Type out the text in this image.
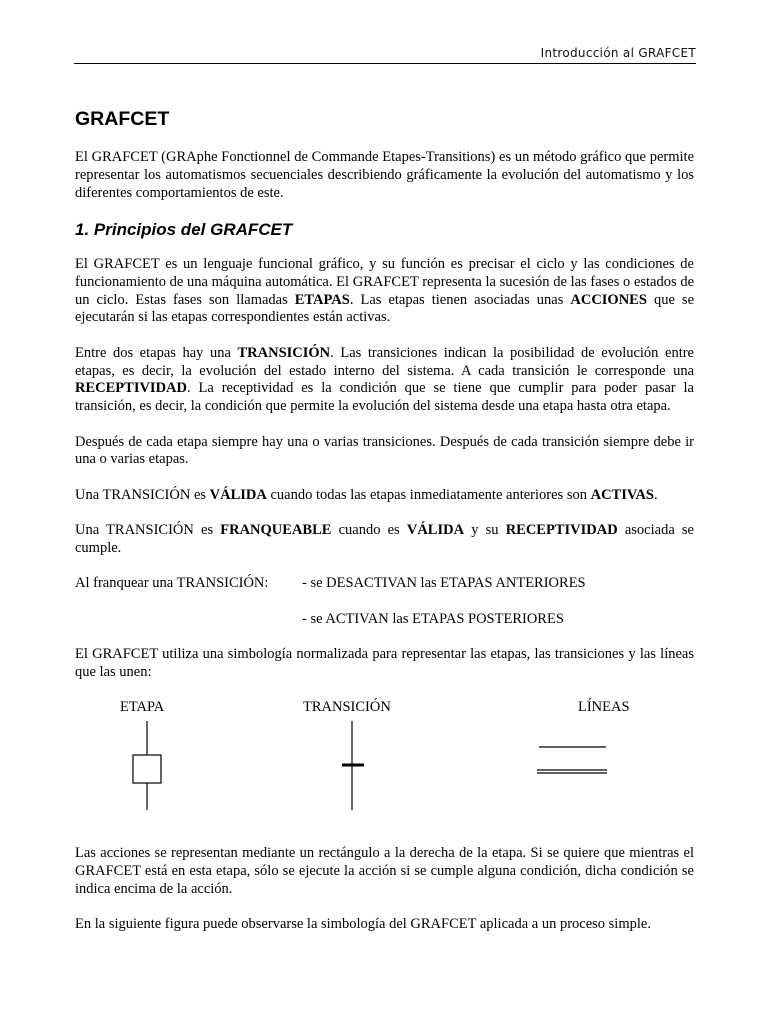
Introducción al GRAFCET
GRAFCET

El GRAFCET (GRAphe Fonctionnel de Commande Etapes-Transitions) es un método gráfico que permite representar los automatismos secuenciales describiendo gráficamente la evolución del automatismo y los diferentes comportamientos de este.

1. Principios del GRAFCET

El GRAFCET es un lenguaje funcional gráfico, y su función es precisar el ciclo y las condiciones de funcionamiento de una máquina automática. El GRAFCET representa la sucesión de las fases o estados de un ciclo. Estas fases son llamadas ETAPAS. Las etapas tienen asociadas unas ACCIONES que se ejecutarán si las etapas correspondientes están activas.

Entre dos etapas hay una TRANSICIÓN. Las transiciones indican la posibilidad de evolución entre etapas, es decir, la evolución del estado interno del sistema. A cada transición le corresponde una RECEPTIVIDAD. La receptividad es la condición que se tiene que cumplir para poder pasar la transición, es decir, la condición que permite la evolución del sistema desde una etapa hasta otra etapa.

Después de cada etapa siempre hay una o varias transiciones. Después de cada transición siempre debe ir una o varias etapas.

Una TRANSICIÓN es VÁLIDA cuando todas las etapas inmediatamente anteriores son ACTIVAS.

Una TRANSICIÓN es FRANQUEABLE cuando es VÁLIDA y su RECEPTIVIDAD asociada se cumple.

Al franquear una TRANSICIÓN:	- se DESACTIVAN las ETAPAS ANTERIORES
- se ACTIVAN las ETAPAS POSTERIORES

El GRAFCET utiliza una simbología normalizada para representar las etapas, las transiciones y las líneas que las unen:

ETAPA	TRANSICIÓN	LÍNEAS

Las acciones se representan mediante un rectángulo a la derecha de la etapa. Si se quiere que mientras el GRAFCET está en esta etapa, sólo se ejecute la acción si se cumple alguna condición, dicha condición se indica encima de la acción.

En la siguiente figura puede observarse la simbología del GRAFCET aplicada a un proceso simple.
